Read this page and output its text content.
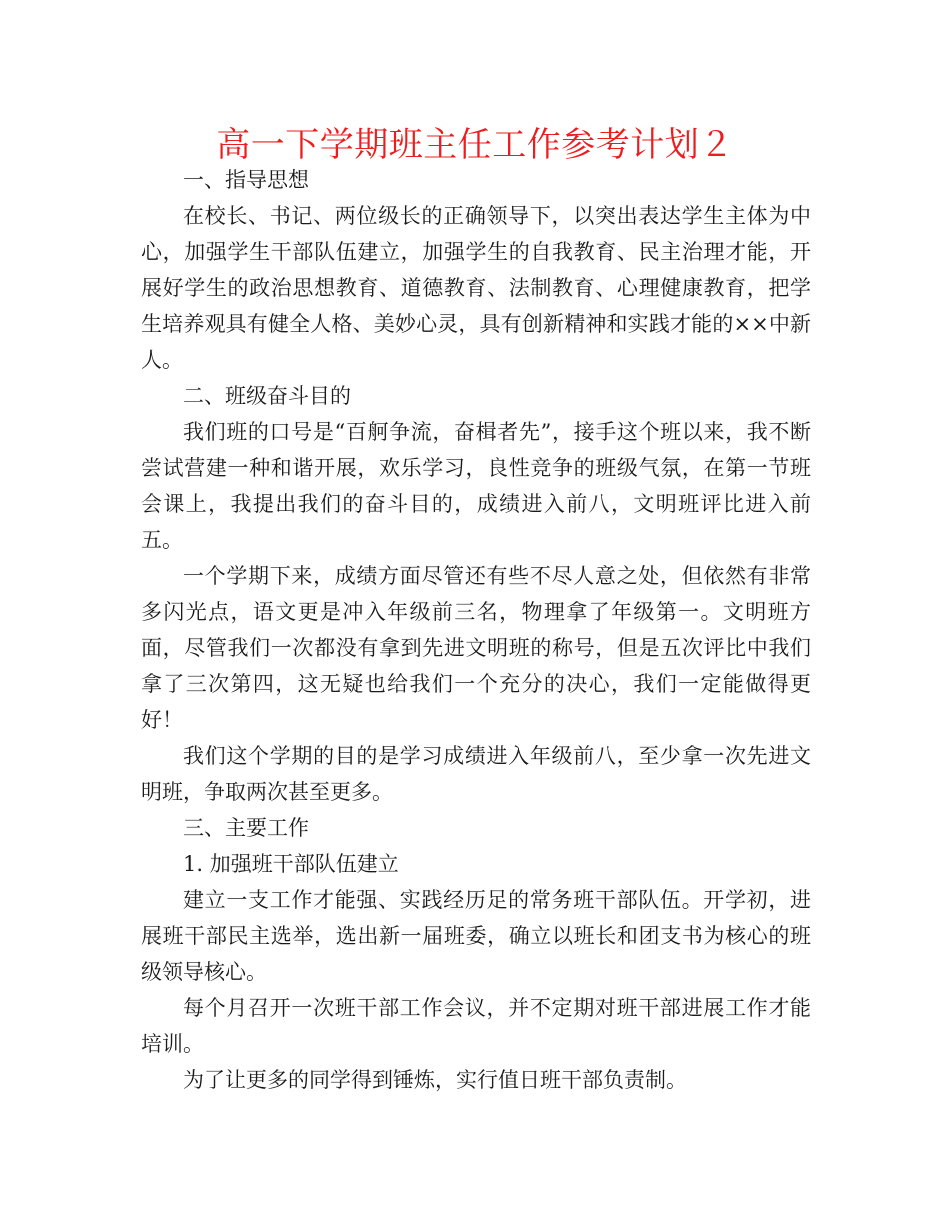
高一下学期班主任工作参考计划２

一、指导思想

在校长、书记、两位级长的正确领导下，以突出表达学生主体为中心，加强学生干部队伍建立，加强学生的自我教育、民主治理才能，开展好学生的政治思想教育、道德教育、法制教育、心理健康教育，把学生培养观具有健全人格、美妙心灵，具有创新精神和实践才能的××中新人。

二、班级奋斗目的

我们班的口号是“百舸争流，奋楫者先”，接手这个班以来，我不断尝试营建一种和谐开展，欢乐学习，良性竞争的班级气氛，在第一节班会课上，我提出我们的奋斗目的，成绩进入前八，文明班评比进入前五。

一个学期下来，成绩方面尽管还有些不尽人意之处，但依然有非常多闪光点，语文更是冲入年级前三名，物理拿了年级第一。文明班方面，尽管我们一次都没有拿到先进文明班的称号，但是五次评比中我们拿了三次第四，这无疑也给我们一个充分的决心，我们一定能做得更好！

我们这个学期的目的是学习成绩进入年级前八，至少拿一次先进文明班，争取两次甚至更多。

三、主要工作

1. 加强班干部队伍建立

建立一支工作才能强、实践经历足的常务班干部队伍。开学初，进展班干部民主选举，选出新一届班委，确立以班长和团支书为核心的班级领导核心。

每个月召开一次班干部工作会议，并不定期对班干部进展工作才能培训。

为了让更多的同学得到锤炼，实行值日班干部负责制。
